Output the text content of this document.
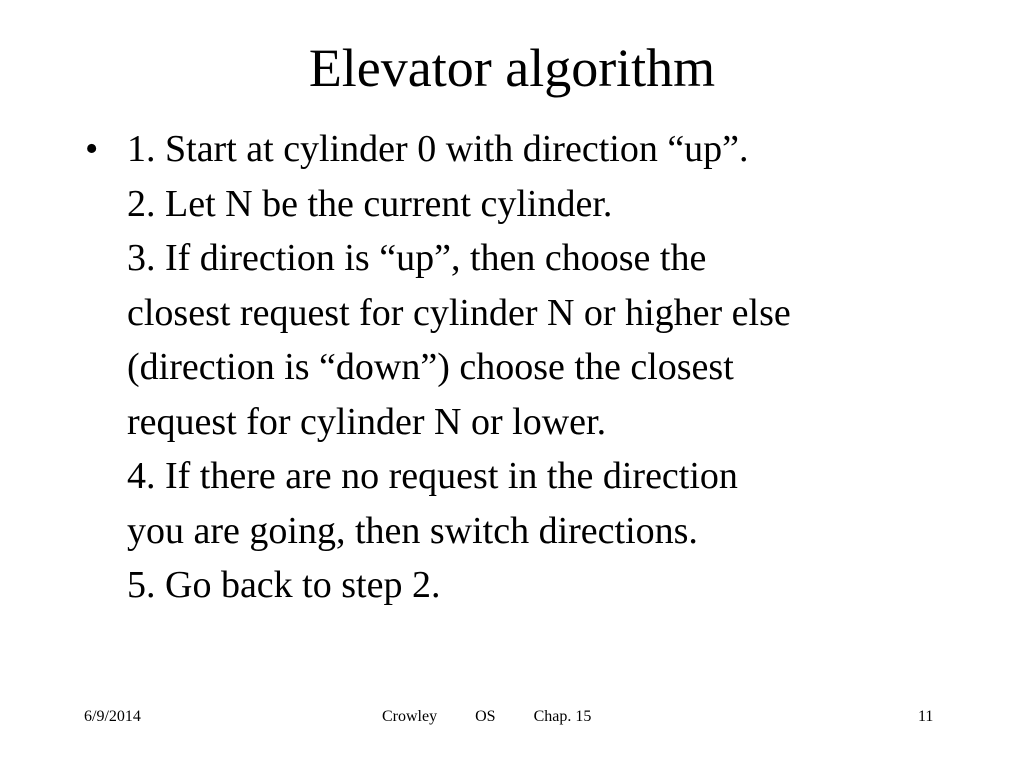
Elevator algorithm
• 1. Start at cylinder 0 with direction “up”.
2. Let N be the current cylinder.
3. If direction is “up”, then choose the
closest request for cylinder N or higher else
(direction is “down”) choose the closest
request for cylinder N or lower.
4. If there are no request in the direction
you are going, then switch directions.
5. Go back to step 2.
6/9/2014	Crowley OS Chap. 15	11
